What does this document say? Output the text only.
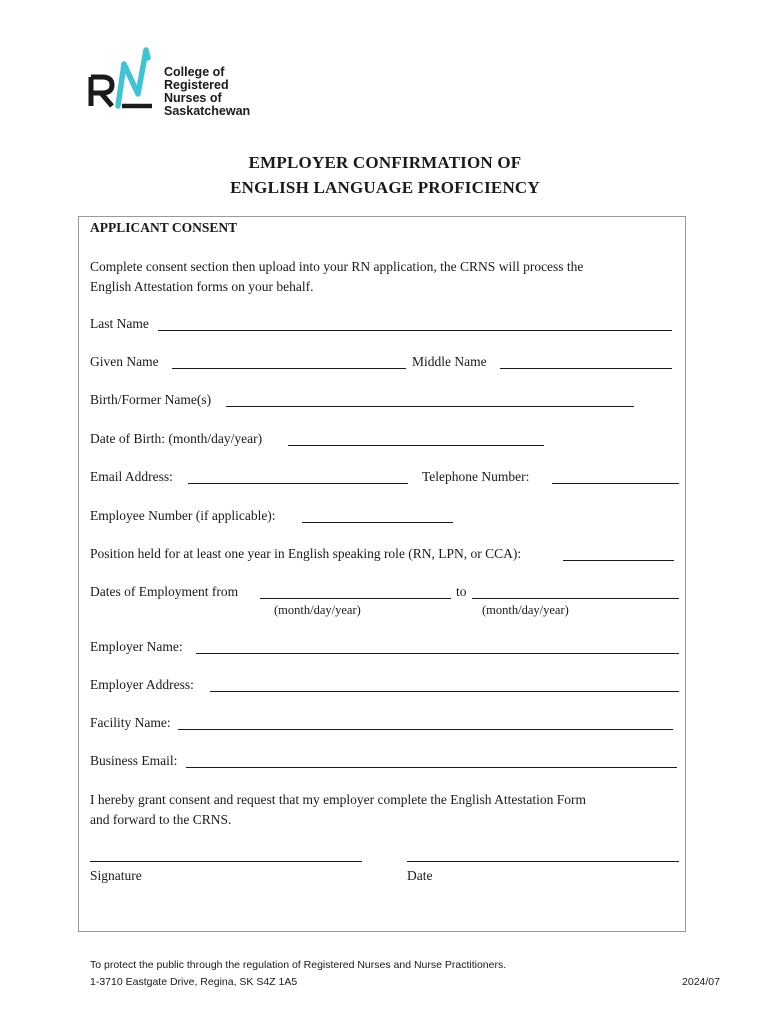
College of
Registered
Nurses of
Saskatchewan
EMPLOYER CONFIRMATION OF
ENGLISH LANGUAGE PROFICIENCY
APPLICANT CONSENT
Complete consent section then upload into your RN application, the CRNS will process the
English Attestation forms on your behalf.
Last Name
Given Name	Middle Name
Birth/Former Name(s)
Date of Birth: (month/day/year)
Email Address:	Telephone Number:
Employee Number (if applicable):
Position held for at least one year in English speaking role (RN, LPN, or CCA):
Dates of Employment from	to
(month/day/year)	(month/day/year)
Employer Name:
Employer Address:
Facility Name:
Business Email:
I hereby grant consent and request that my employer complete the English Attestation Form
and forward to the CRNS.
Signature	Date
To protect the public through the regulation of Registered Nurses and Nurse Practitioners.
1-3710 Eastgate Drive, Regina, SK S4Z 1A5	2024/07
